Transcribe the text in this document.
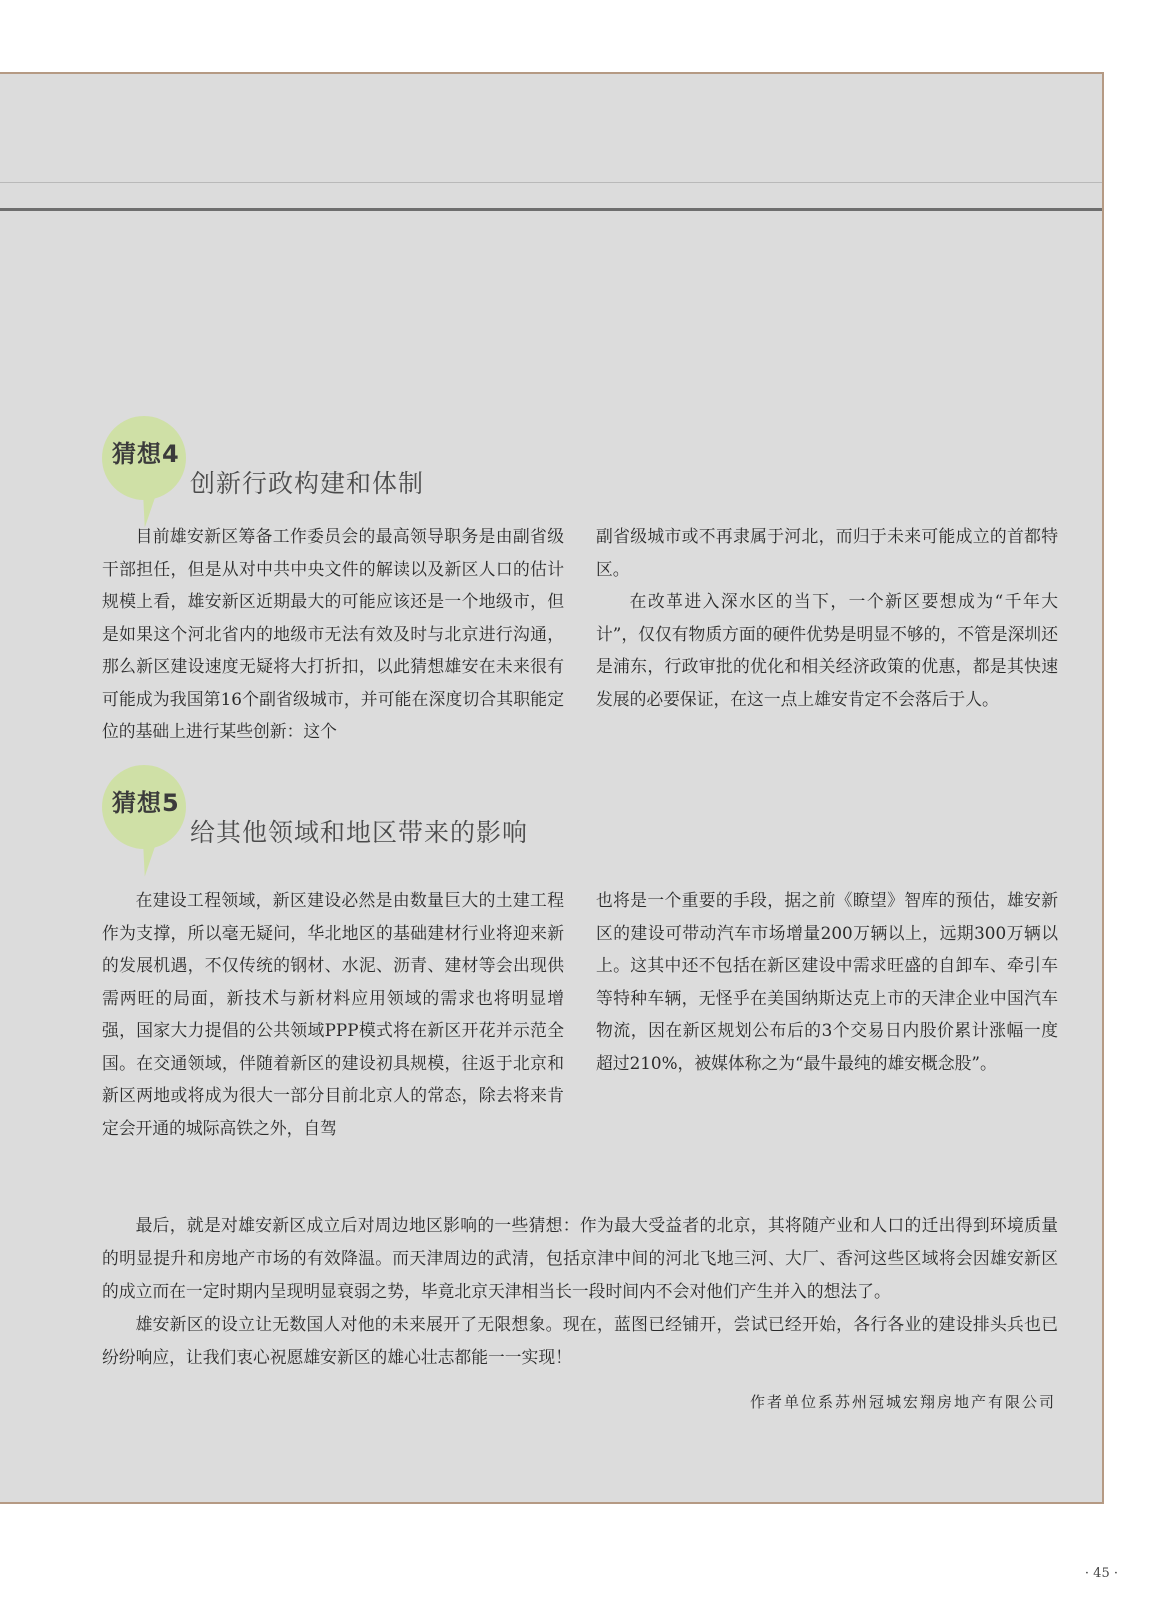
猜想4
创新行政构建和体制

目前雄安新区筹备工作委员会的最高领导职务是由副省级干部担任，但是从对中共中央文件的解读以及新区人口的估计规模上看，雄安新区近期最大的可能应该还是一个地级市，但是如果这个河北省内的地级市无法有效及时与北京进行沟通，那么新区建设速度无疑将大打折扣，以此猜想雄安在未来很有可能成为我国第16个副省级城市，并可能在深度切合其职能定位的基础上进行某些创新：这个

副省级城市或不再隶属于河北，而归于未来可能成立的首都特区。

在改革进入深水区的当下，一个新区要想成为“千年大计”，仅仅有物质方面的硬件优势是明显不够的，不管是深圳还是浦东，行政审批的优化和相关经济政策的优惠，都是其快速发展的必要保证，在这一点上雄安肯定不会落后于人。

猜想5
给其他领域和地区带来的影响

在建设工程领域，新区建设必然是由数量巨大的土建工程作为支撑，所以毫无疑问，华北地区的基础建材行业将迎来新的发展机遇，不仅传统的钢材、水泥、沥青、建材等会出现供需两旺的局面，新技术与新材料应用领域的需求也将明显增强，国家大力提倡的公共领域PPP模式将在新区开花并示范全国。在交通领域，伴随着新区的建设初具规模，往返于北京和新区两地或将成为很大一部分目前北京人的常态，除去将来肯定会开通的城际高铁之外，自驾

也将是一个重要的手段，据之前《瞭望》智库的预估，雄安新区的建设可带动汽车市场增量200万辆以上，远期300万辆以上。这其中还不包括在新区建设中需求旺盛的自卸车、牵引车等特种车辆，无怪乎在美国纳斯达克上市的天津企业中国汽车物流，因在新区规划公布后的3个交易日内股价累计涨幅一度超过210%，被媒体称之为“最牛最纯的雄安概念股”。

最后，就是对雄安新区成立后对周边地区影响的一些猜想：作为最大受益者的北京，其将随产业和人口的迁出得到环境质量的明显提升和房地产市场的有效降温。而天津周边的武清，包括京津中间的河北飞地三河、大厂、香河这些区域将会因雄安新区的成立而在一定时期内呈现明显衰弱之势，毕竟北京天津相当长一段时间内不会对他们产生并入的想法了。

雄安新区的设立让无数国人对他的未来展开了无限想象。现在，蓝图已经铺开，尝试已经开始，各行各业的建设排头兵也已纷纷响应，让我们衷心祝愿雄安新区的雄心壮志都能一一实现！

作者单位系苏州冠城宏翔房地产有限公司
· 45 ·
